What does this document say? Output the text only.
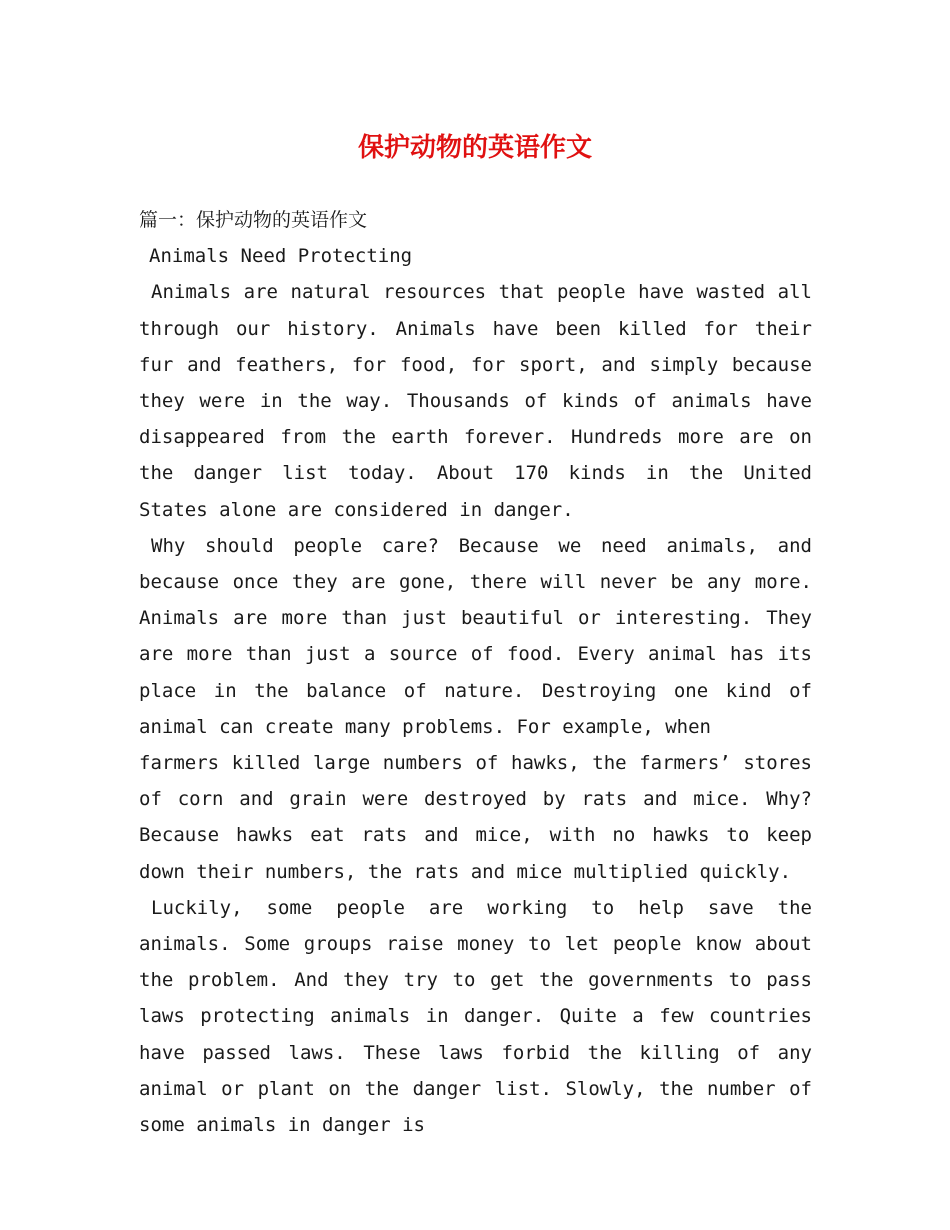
保护动物的英语作文

篇一：保护动物的英语作文

Animals Need Protecting

Animals are natural resources that people have wasted all through our history. Animals have been killed for their fur and feathers, for food, for sport, and simply because they were in the way. Thousands of kinds of animals have disappeared from the earth forever. Hundreds more are on the danger list today. About 170 kinds in the United States alone are considered in danger.

Why should people care? Because we need animals, and because once they are gone, there will never be any more. Animals are more than just beautiful or interesting. They are more than just a source of food. Every animal has its place in the balance of nature. Destroying one kind of animal can create many problems. For example, when

farmers killed large numbers of hawks, the farmers’ stores of corn and grain were destroyed by rats and mice. Why? Because hawks eat rats and mice, with no hawks to keep down their numbers, the rats and mice multiplied quickly.

Luckily, some people are working to help save the animals. Some groups raise money to let people know about the problem. And they try to get the governments to pass laws protecting animals in danger. Quite a few countries have passed laws. These laws forbid the killing of any animal or plant on the danger list. Slowly, the number of some animals in danger is
